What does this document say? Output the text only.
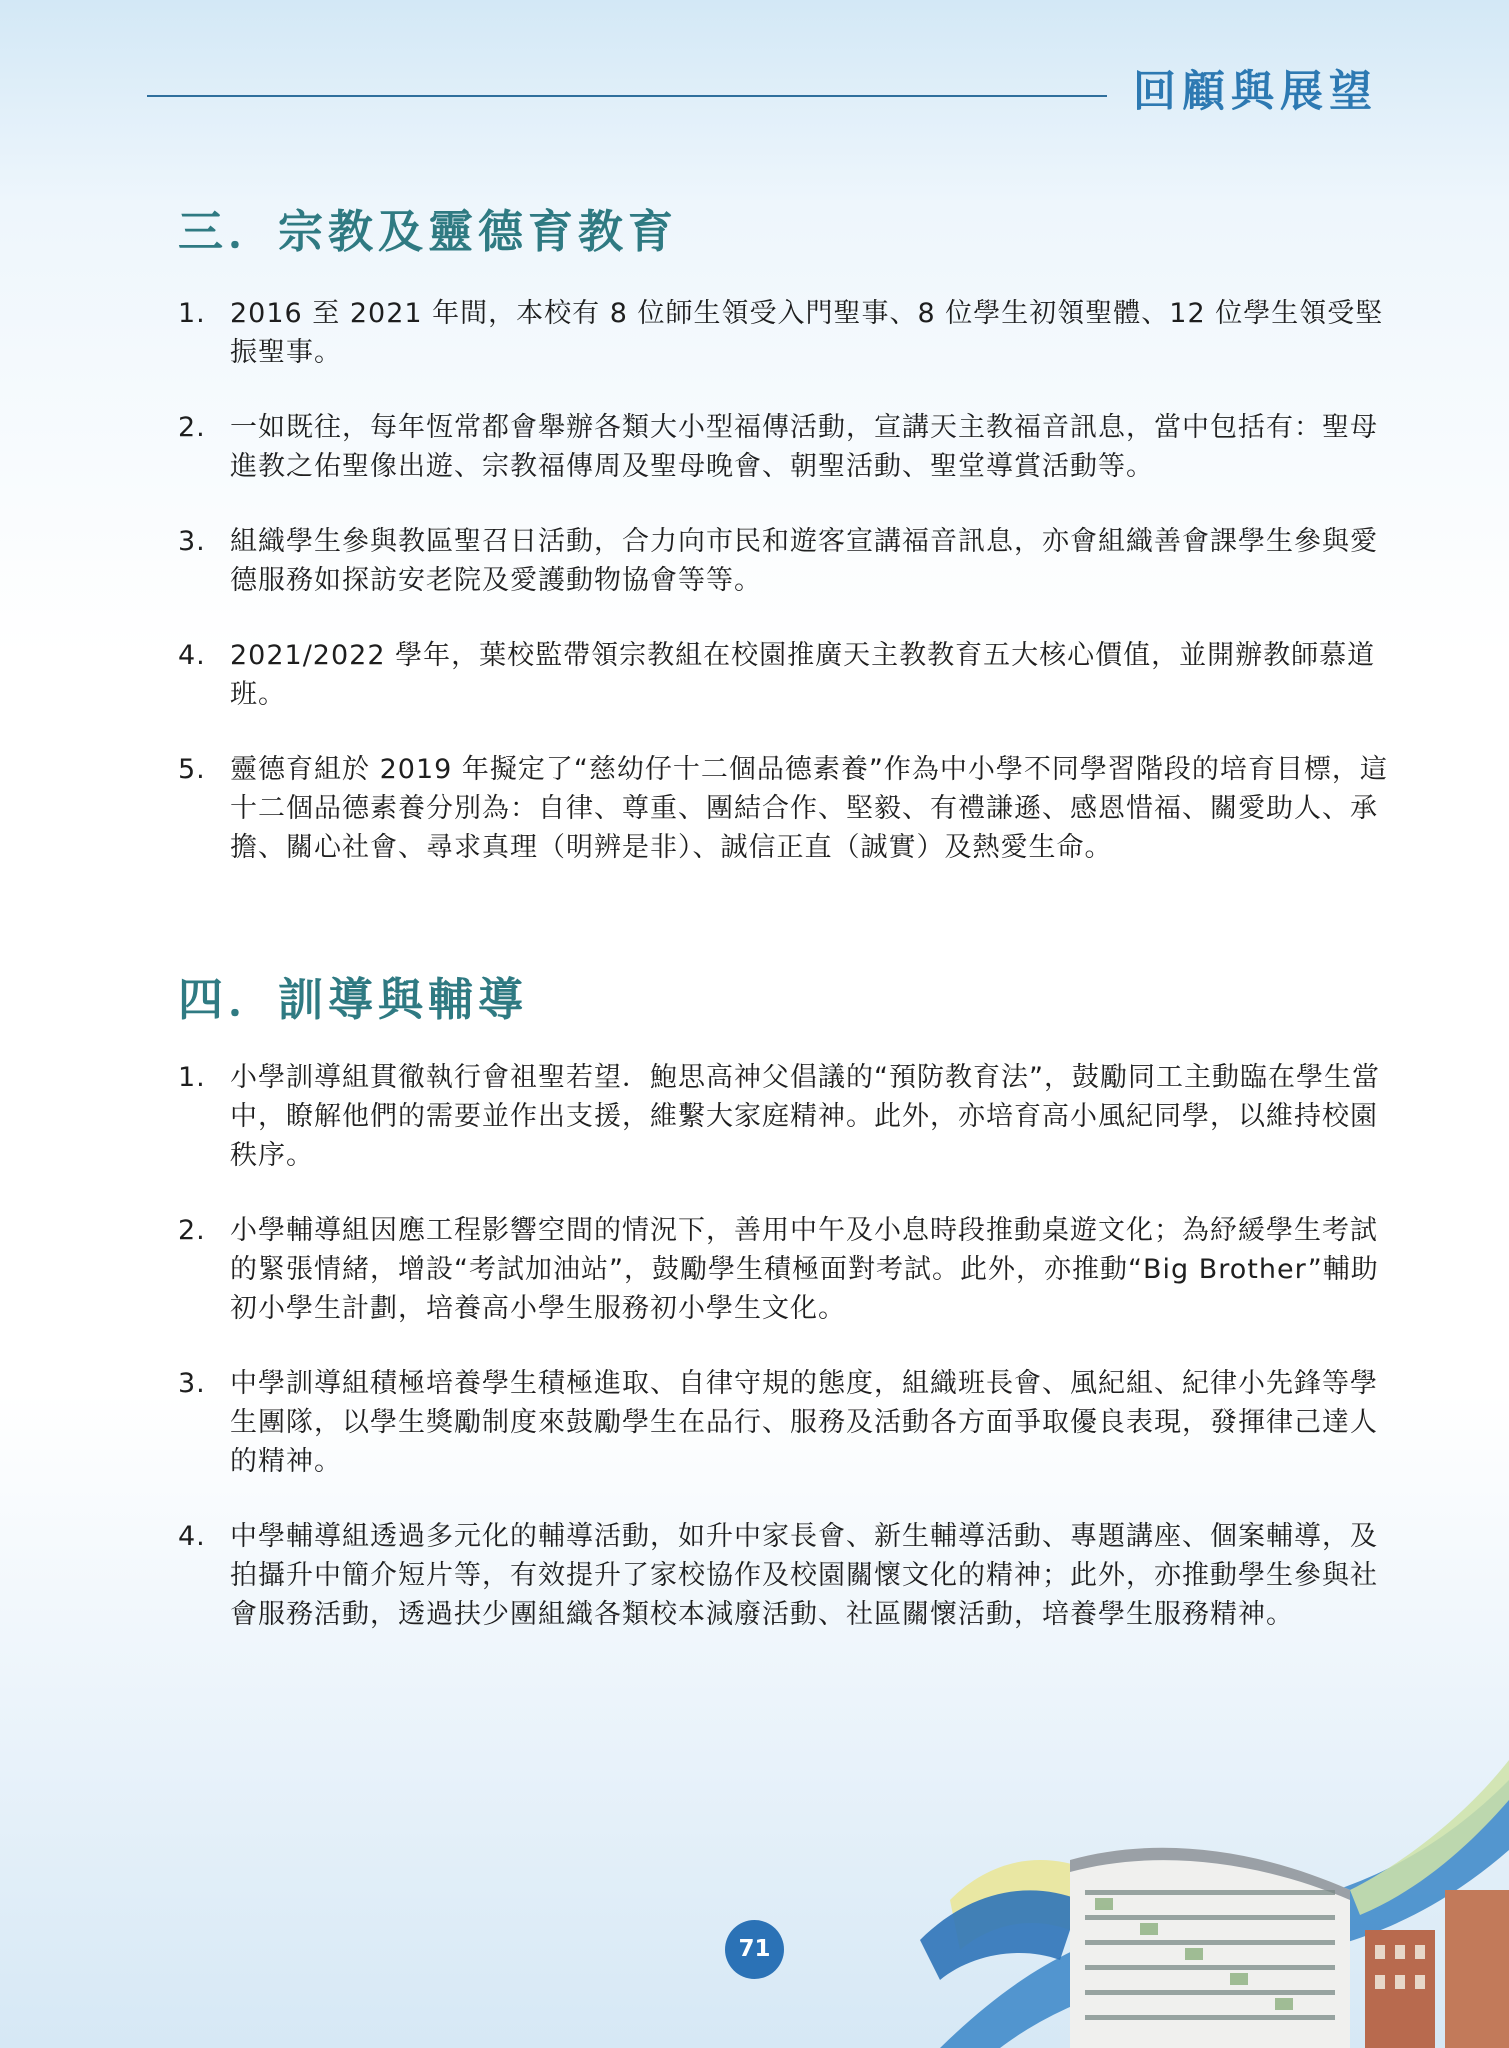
回顧與展望
三．宗教及靈德育教育
1. 2016 至 2021 年間，本校有 8 位師生領受入門聖事、8 位學生初領聖體、12 位學生領受堅振聖事。
2. 一如既往，每年恆常都會舉辦各類大小型福傳活動，宣講天主教福音訊息，當中包括有：聖母進教之佑聖像出遊、宗教福傳周及聖母晚會、朝聖活動、聖堂導賞活動等。
3. 組織學生參與教區聖召日活動，合力向市民和遊客宣講福音訊息，亦會組織善會課學生參與愛德服務如探訪安老院及愛護動物協會等等。
4. 2021/2022 學年，葉校監帶領宗教組在校園推廣天主教教育五大核心價值，並開辦教師慕道班。
5. 靈德育組於 2019 年擬定了“慈幼仔十二個品德素養”作為中小學不同學習階段的培育目標，這十二個品德素養分別為：自律、尊重、團結合作、堅毅、有禮謙遜、感恩惜福、關愛助人、承擔、關心社會、尋求真理（明辨是非）、誠信正直（誠實）及熱愛生命。
四．訓導與輔導
1. 小學訓導組貫徹執行會祖聖若望．鮑思高神父倡議的“預防教育法”，鼓勵同工主動臨在學生當中，瞭解他們的需要並作出支援，維繫大家庭精神。此外，亦培育高小風紀同學，以維持校園秩序。
2. 小學輔導組因應工程影響空間的情況下，善用中午及小息時段推動桌遊文化；為紓緩學生考試的緊張情緒，增設“考試加油站”，鼓勵學生積極面對考試。此外，亦推動“Big Brother”輔助初小學生計劃，培養高小學生服務初小學生文化。
3. 中學訓導組積極培養學生積極進取、自律守規的態度，組織班長會、風紀組、紀律小先鋒等學生團隊，以學生獎勵制度來鼓勵學生在品行、服務及活動各方面爭取優良表現，發揮律己達人的精神。
4. 中學輔導組透過多元化的輔導活動，如升中家長會、新生輔導活動、專題講座、個案輔導，及拍攝升中簡介短片等，有效提升了家校協作及校園關懷文化的精神；此外，亦推動學生參與社會服務活動，透過扶少團組織各類校本減廢活動、社區關懷活動，培養學生服務精神。
71
